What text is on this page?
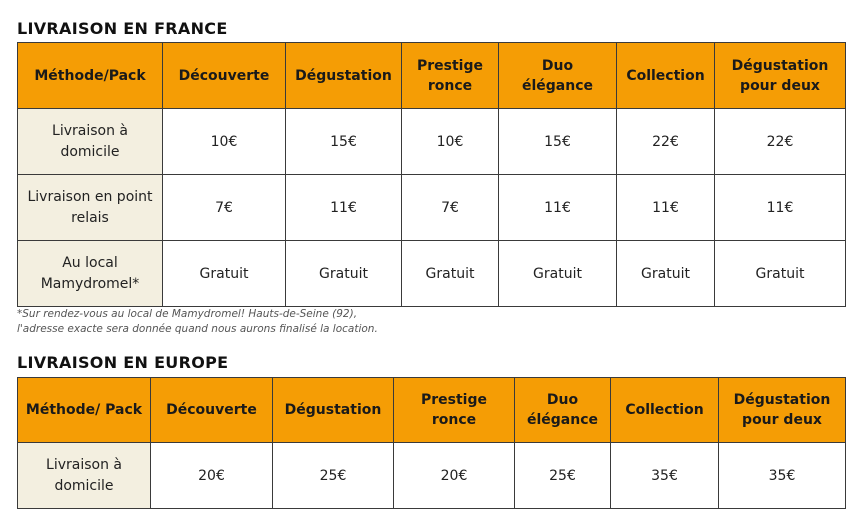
LIVRAISON EN FRANCE
Méthode/Pack	Découverte	Dégustation	Prestige ronce	Duo élégance	Collection	Dégustation pour deux
Livraison à domicile	10€	15€	10€	15€	22€	22€
Livraison en point relais	7€	11€	7€	11€	11€	11€
Au local Mamydromel*	Gratuit	Gratuit	Gratuit	Gratuit	Gratuit	Gratuit
*Sur rendez-vous au local de Mamydromel! Hauts-de-Seine (92),
l'adresse exacte sera donnée quand nous aurons finalisé la location.
LIVRAISON EN EUROPE
Méthode/ Pack	Découverte	Dégustation	Prestige ronce	Duo élégance	Collection	Dégustation pour deux
Livraison à domicile	20€	25€	20€	25€	35€	35€
